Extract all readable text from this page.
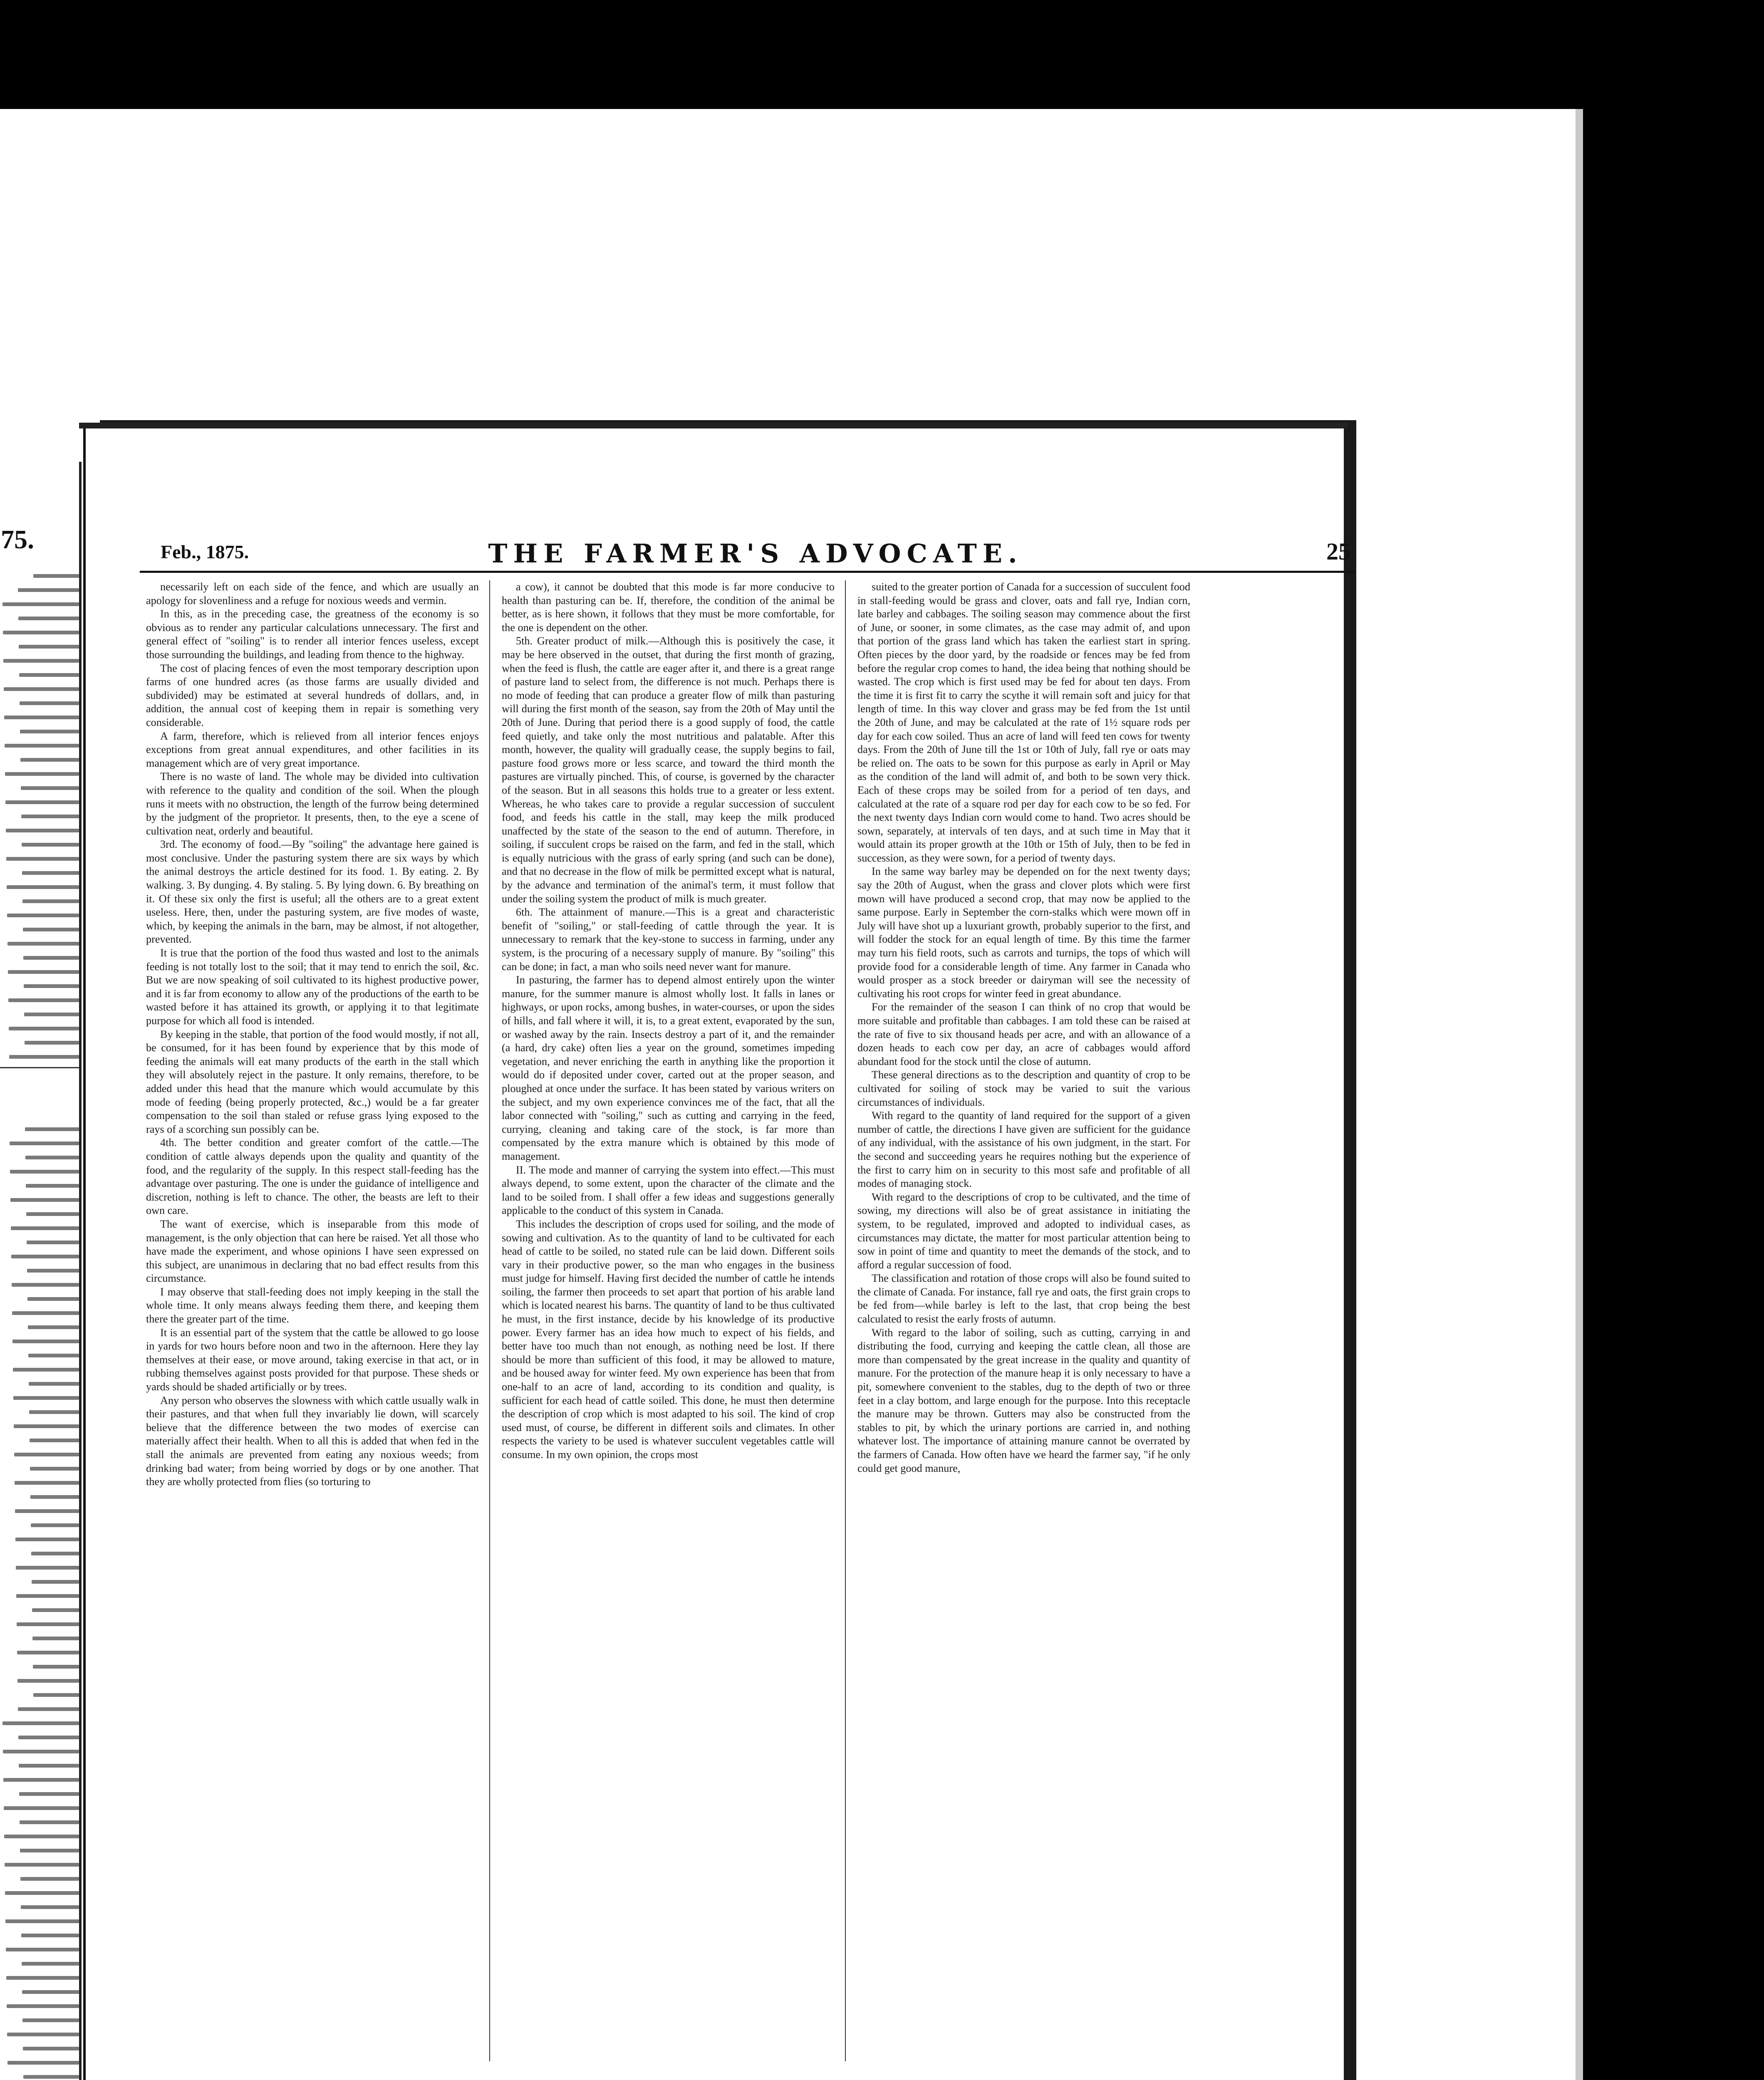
75.	Feb., 1875.	THE FARMER'S ADVOCATE.	25

necessarily left on each side of the fence, and which are usually an apology for slovenliness and a refuge for noxious weeds and vermin.

In this, as in the preceding case, the greatness of the economy is so obvious as to render any particular calculations unnecessary. The first and general effect of "soiling" is to render all interior fences useless, except those surrounding the buildings, and leading from thence to the highway.

The cost of placing fences of even the most temporary description upon farms of one hundred acres (as those farms are usually divided and subdivided) may be estimated at several hundreds of dollars, and, in addition, the annual cost of keeping them in repair is something very considerable.

A farm, therefore, which is relieved from all interior fences enjoys exceptions from great annual expenditures, and other facilities in its management which are of very great importance.

There is no waste of land. The whole may be divided into cultivation with reference to the quality and condition of the soil. When the plough runs it meets with no obstruction, the length of the furrow being determined by the judgment of the proprietor. It presents, then, to the eye a scene of cultivation neat, orderly and beautiful.

3rd. The economy of food.—By "soiling" the advantage here gained is most conclusive. Under the pasturing system there are six ways by which the animal destroys the article destined for its food. 1. By eating. 2. By walking. 3. By dunging. 4. By staling. 5. By lying down. 6. By breathing on it. Of these six only the first is useful; all the others are to a great extent useless. Here, then, under the pasturing system, are five modes of waste, which, by keeping the animals in the barn, may be almost, if not altogether, prevented.

It is true that the portion of the food thus wasted and lost to the animals feeding is not totally lost to the soil; that it may tend to enrich the soil, &c. But we are now speaking of soil cultivated to its highest productive power, and it is far from economy to allow any of the productions of the earth to be wasted before it has attained its growth, or applying it to that legitimate purpose for which all food is intended.

By keeping in the stable, that portion of the food would mostly, if not all, be consumed, for it has been found by experience that by this mode of feeding the animals will eat many products of the earth in the stall which they will absolutely reject in the pasture. It only remains, therefore, to be added under this head that the manure which would accumulate by this mode of feeding (being properly protected, &c.,) would be a far greater compensation to the soil than staled or refuse grass lying exposed to the rays of a scorching sun possibly can be.

4th. The better condition and greater comfort of the cattle.—The condition of cattle always depends upon the quality and quantity of the food, and the regularity of the supply. In this respect stall-feeding has the advantage over pasturing. The one is under the guidance of intelligence and discretion, nothing is left to chance. The other, the beasts are left to their own care.

The want of exercise, which is inseparable from this mode of management, is the only objection that can here be raised. Yet all those who have made the experiment, and whose opinions I have seen expressed on this subject, are unanimous in declaring that no bad effect results from this circumstance.

I may observe that stall-feeding does not imply keeping in the stall the whole time. It only means always feeding them there, and keeping them there the greater part of the time.

It is an essential part of the system that the cattle be allowed to go loose in yards for two hours before noon and two in the afternoon. Here they lay themselves at their ease, or move around, taking exercise in that act, or in rubbing themselves against posts provided for that purpose. These sheds or yards should be shaded artificially or by trees.

Any person who observes the slowness with which cattle usually walk in their pastures, and that when full they invariably lie down, will scarcely believe that the difference between the two modes of exercise can materially affect their health. When to all this is added that when fed in the stall the animals are prevented from eating any noxious weeds; from drinking bad water; from being worried by dogs or by one another. That they are wholly protected from flies (so torturing to

a cow), it cannot be doubted that this mode is far more conducive to health than pasturing can be. If, therefore, the condition of the animal be better, as is here shown, it follows that they must be more comfortable, for the one is dependent on the other.

5th. Greater product of milk.—Although this is positively the case, it may be here observed in the outset, that during the first month of grazing, when the feed is flush, the cattle are eager after it, and there is a great range of pasture land to select from, the difference is not much. Perhaps there is no mode of feeding that can produce a greater flow of milk than pasturing will during the first month of the season, say from the 20th of May until the 20th of June. During that period there is a good supply of food, the cattle feed quietly, and take only the most nutritious and palatable. After this month, however, the quality will gradually cease, the supply begins to fail, pasture food grows more or less scarce, and toward the third month the pastures are virtually pinched. This, of course, is governed by the character of the season. But in all seasons this holds true to a greater or less extent. Whereas, he who takes care to provide a regular succession of succulent food, and feeds his cattle in the stall, may keep the milk produced unaffected by the state of the season to the end of autumn. Therefore, in soiling, if succulent crops be raised on the farm, and fed in the stall, which is equally nutricious with the grass of early spring (and such can be done), and that no decrease in the flow of milk be permitted except what is natural, by the advance and termination of the animal's term, it must follow that under the soiling system the product of milk is much greater.

6th. The attainment of manure.—This is a great and characteristic benefit of "soiling," or stall-feeding of cattle through the year. It is unnecessary to remark that the key-stone to success in farming, under any system, is the procuring of a necessary supply of manure. By "soiling" this can be done; in fact, a man who soils need never want for manure.

In pasturing, the farmer has to depend almost entirely upon the winter manure, for the summer manure is almost wholly lost. It falls in lanes or highways, or upon rocks, among bushes, in water-courses, or upon the sides of hills, and fall where it will, it is, to a great extent, evaporated by the sun, or washed away by the rain. Insects destroy a part of it, and the remainder (a hard, dry cake) often lies a year on the ground, sometimes impeding vegetation, and never enriching the earth in anything like the proportion it would do if deposited under cover, carted out at the proper season, and ploughed at once under the surface. It has been stated by various writers on the subject, and my own experience convinces me of the fact, that all the labor connected with "soiling," such as cutting and carrying in the feed, currying, cleaning and taking care of the stock, is far more than compensated by the extra manure which is obtained by this mode of management.

II. The mode and manner of carrying the system into effect.—This must always depend, to some extent, upon the character of the climate and the land to be soiled from. I shall offer a few ideas and suggestions generally applicable to the conduct of this system in Canada.

This includes the description of crops used for soiling, and the mode of sowing and cultivation. As to the quantity of land to be cultivated for each head of cattle to be soiled, no stated rule can be laid down. Different soils vary in their productive power, so the man who engages in the business must judge for himself. Having first decided the number of cattle he intends soiling, the farmer then proceeds to set apart that portion of his arable land which is located nearest his barns. The quantity of land to be thus cultivated he must, in the first instance, decide by his knowledge of its productive power. Every farmer has an idea how much to expect of his fields, and better have too much than not enough, as nothing need be lost. If there should be more than sufficient of this food, it may be allowed to mature, and be housed away for winter feed. My own experience has been that from one-half to an acre of land, according to its condition and quality, is sufficient for each head of cattle soiled. This done, he must then determine the description of crop which is most adapted to his soil. The kind of crop used must, of course, be different in different soils and climates. In other respects the variety to be used is whatever succulent vegetables cattle will consume. In my own opinion, the crops most

suited to the greater portion of Canada for a succession of succulent food in stall-feeding would be grass and clover, oats and fall rye, Indian corn, late barley and cabbages. The soiling season may commence about the first of June, or sooner, in some climates, as the case may admit of, and upon that portion of the grass land which has taken the earliest start in spring. Often pieces by the door yard, by the roadside or fences may be fed from before the regular crop comes to hand, the idea being that nothing should be wasted. The crop which is first used may be fed for about ten days. From the time it is first fit to carry the scythe it will remain soft and juicy for that length of time. In this way clover and grass may be fed from the 1st until the 20th of June, and may be calculated at the rate of 1½ square rods per day for each cow soiled. Thus an acre of land will feed ten cows for twenty days. From the 20th of June till the 1st or 10th of July, fall rye or oats may be relied on. The oats to be sown for this purpose as early in April or May as the condition of the land will admit of, and both to be sown very thick. Each of these crops may be soiled from for a period of ten days, and calculated at the rate of a square rod per day for each cow to be so fed. For the next twenty days Indian corn would come to hand. Two acres should be sown, separately, at intervals of ten days, and at such time in May that it would attain its proper growth at the 10th or 15th of July, then to be fed in succession, as they were sown, for a period of twenty days.

In the same way barley may be depended on for the next twenty days; say the 20th of August, when the grass and clover plots which were first mown will have produced a second crop, that may now be applied to the same purpose. Early in September the corn-stalks which were mown off in July will have shot up a luxuriant growth, probably superior to the first, and will fodder the stock for an equal length of time. By this time the farmer may turn his field roots, such as carrots and turnips, the tops of which will provide food for a considerable length of time. Any farmer in Canada who would prosper as a stock breeder or dairyman will see the necessity of cultivating his root crops for winter feed in great abundance.

For the remainder of the season I can think of no crop that would be more suitable and profitable than cabbages. I am told these can be raised at the rate of five to six thousand heads per acre, and with an allowance of a dozen heads to each cow per day, an acre of cabbages would afford abundant food for the stock until the close of autumn.

These general directions as to the description and quantity of crop to be cultivated for soiling of stock may be varied to suit the various circumstances of individuals.

With regard to the quantity of land required for the support of a given number of cattle, the directions I have given are sufficient for the guidance of any individual, with the assistance of his own judgment, in the start. For the second and succeeding years he requires nothing but the experience of the first to carry him on in security to this most safe and profitable of all modes of managing stock.

With regard to the descriptions of crop to be cultivated, and the time of sowing, my directions will also be of great assistance in initiating the system, to be regulated, improved and adopted to individual cases, as circumstances may dictate, the matter for most particular attention being to sow in point of time and quantity to meet the demands of the stock, and to afford a regular succession of food.

The classification and rotation of those crops will also be found suited to the climate of Canada. For instance, fall rye and oats, the first grain crops to be fed from—while barley is left to the last, that crop being the best calculated to resist the early frosts of autumn.

With regard to the labor of soiling, such as cutting, carrying in and distributing the food, currying and keeping the cattle clean, all those are more than compensated by the great increase in the quality and quantity of manure. For the protection of the manure heap it is only necessary to have a pit, somewhere convenient to the stables, dug to the depth of two or three feet in a clay bottom, and large enough for the purpose. Into this receptacle the manure may be thrown. Gutters may also be constructed from the stables to pit, by which the urinary portions are carried in, and nothing whatever lost. The importance of attaining manure cannot be overrated by the farmers of Canada. How often have we heard the farmer say, "if he only could get good manure,
